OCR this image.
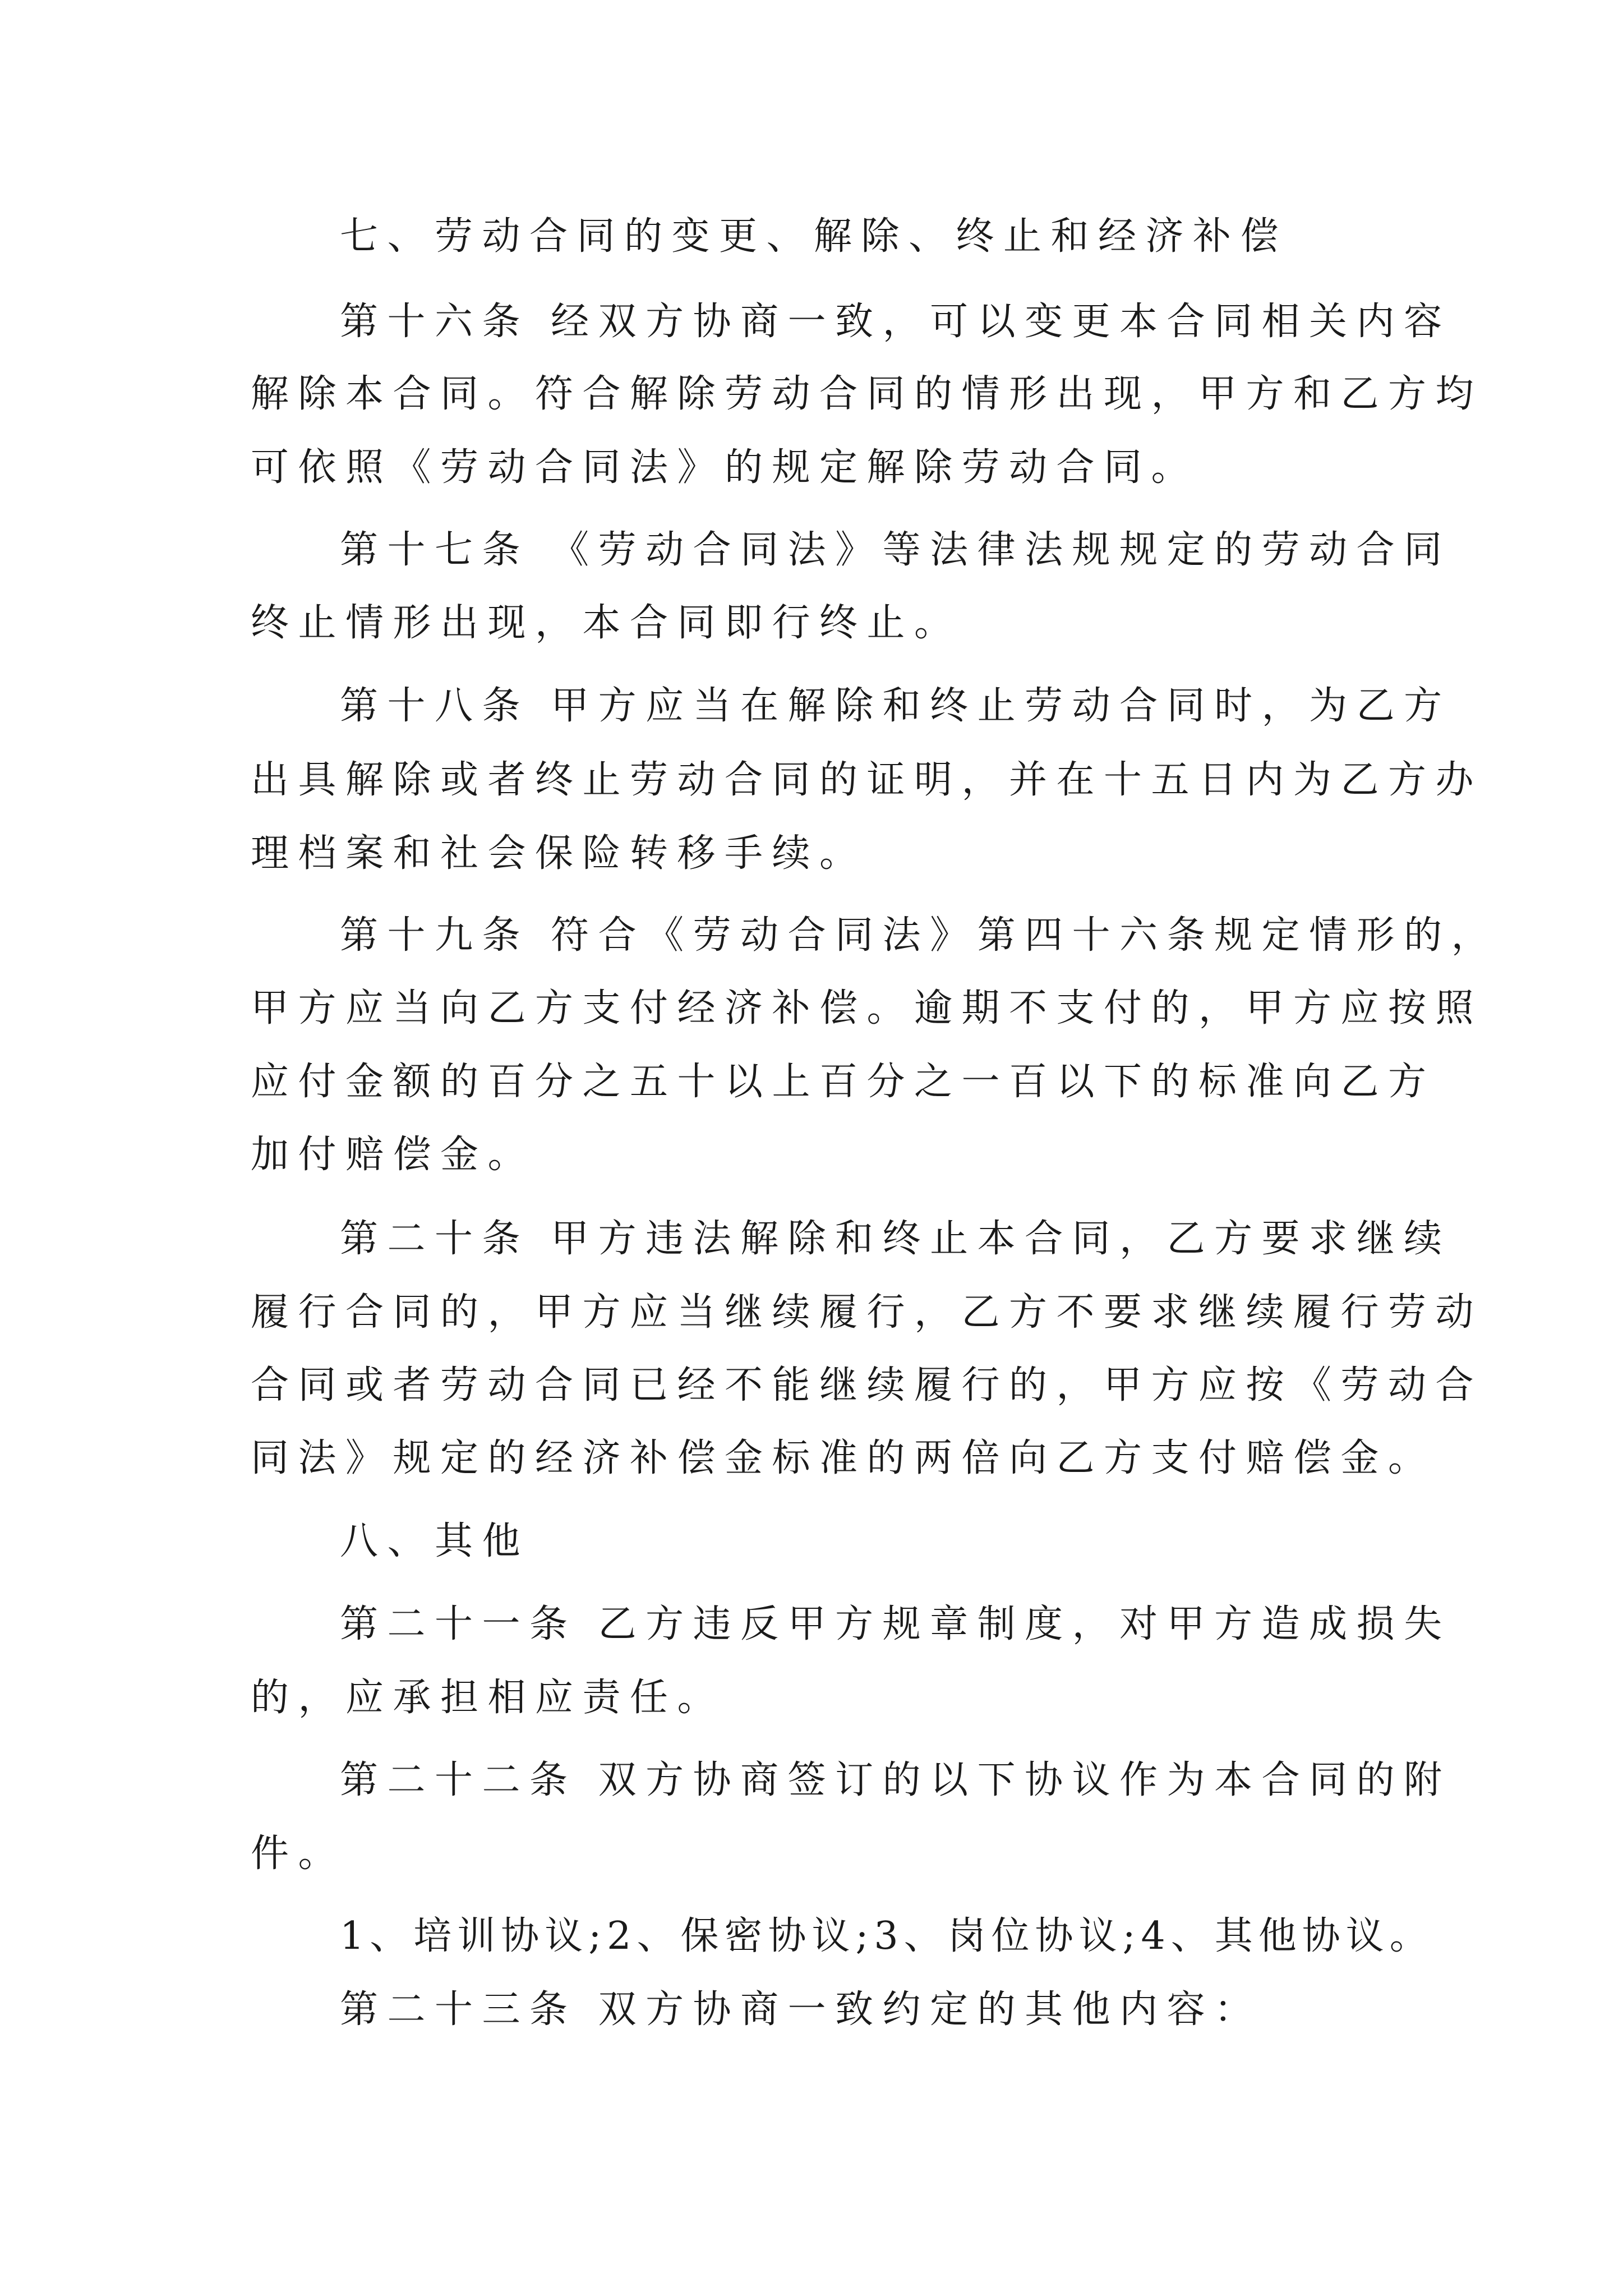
七、劳动合同的变更、解除、终止和经济补偿

第十六条 经双方协商一致，可以变更本合同相关内容

解除本合同。符合解除劳动合同的情形出现，甲方和乙方均

可依照《劳动合同法》的规定解除劳动合同。

第十七条 《劳动合同法》等法律法规规定的劳动合同

终止情形出现，本合同即行终止。

第十八条 甲方应当在解除和终止劳动合同时，为乙方

出具解除或者终止劳动合同的证明，并在十五日内为乙方办

理档案和社会保险转移手续。

第十九条 符合《劳动合同法》第四十六条规定情形的，

甲方应当向乙方支付经济补偿。逾期不支付的，甲方应按照

应付金额的百分之五十以上百分之一百以下的标准向乙方

加付赔偿金。

第二十条 甲方违法解除和终止本合同，乙方要求继续

履行合同的，甲方应当继续履行，乙方不要求继续履行劳动

合同或者劳动合同已经不能继续履行的，甲方应按《劳动合

同法》规定的经济补偿金标准的两倍向乙方支付赔偿金。

八、其他

第二十一条 乙方违反甲方规章制度，对甲方造成损失

的，应承担相应责任。

第二十二条 双方协商签订的以下协议作为本合同的附

件。

1、培训协议;2、保密协议;3、岗位协议;4、其他协议。

第二十三条 双方协商一致约定的其他内容：
